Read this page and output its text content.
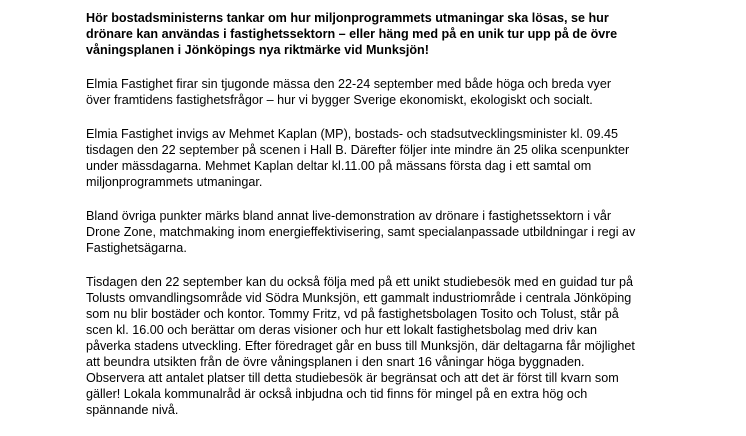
Hör bostadsministerns tankar om hur miljonprogrammets utmaningar ska lösas, se hur
drönare kan användas i fastighetssektorn – eller häng med på en unik tur upp på de övre
våningsplanen i Jönköpings nya riktmärke vid Munksjön!

Elmia Fastighet firar sin tjugonde mässa den 22-24 september med både höga och breda vyer
över framtidens fastighetsfrågor – hur vi bygger Sverige ekonomiskt, ekologiskt och socialt.

Elmia Fastighet invigs av Mehmet Kaplan (MP), bostads- och stadsutvecklingsminister kl. 09.45
tisdagen den 22 september på scenen i Hall B. Därefter följer inte mindre än 25 olika scenpunkter
under mässdagarna. Mehmet Kaplan deltar kl.11.00 på mässans första dag i ett samtal om
miljonprogrammets utmaningar.

Bland övriga punkter märks bland annat live-demonstration av drönare i fastighetssektorn i vår
Drone Zone, matchmaking inom energieffektivisering, samt specialanpassade utbildningar i regi av
Fastighetsägarna.

Tisdagen den 22 september kan du också följa med på ett unikt studiebesök med en guidad tur på
Tolusts omvandlingsområde vid Södra Munksjön, ett gammalt industriområde i centrala Jönköping
som nu blir bostäder och kontor. Tommy Fritz, vd på fastighetsbolagen Tosito och Tolust, står på
scen kl. 16.00 och berättar om deras visioner och hur ett lokalt fastighetsbolag med driv kan
påverka stadens utveckling. Efter föredraget går en buss till Munksjön, där deltagarna får möjlighet
att beundra utsikten från de övre våningsplanen i den snart 16 våningar höga byggnaden.
Observera att antalet platser till detta studiebesök är begränsat och att det är först till kvarn som
gäller! Lokala kommunalråd är också inbjudna och tid finns för mingel på en extra hög och
spännande nivå.
